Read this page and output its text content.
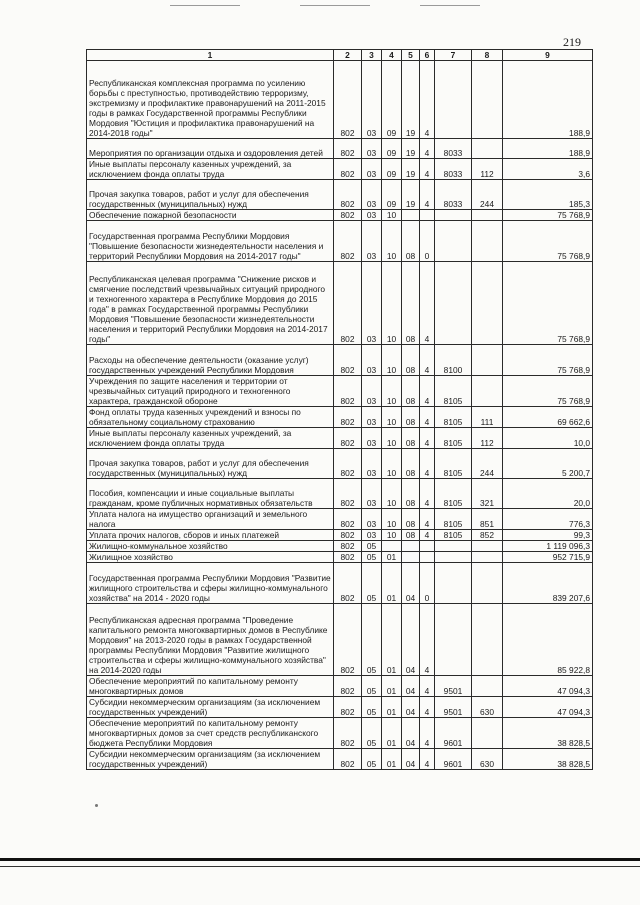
219
1	2	3	4	5	6	7	8	9
Республиканская комплексная программа по усилению борьбы с преступностью, противодействию терроризму, экстремизму и профилактике правонарушений на 2011-2015 годы в рамках Государственной программы Республики Мордовия "Юстиция и профилактика правонарушений на 2014-2018 годы"	802	03	09	19	4			188,9
Мероприятия по организации отдыха и оздоровления детей	802	03	09	19	4	8033		188,9
Иные выплаты персоналу казенных учреждений, за исключением фонда оплаты труда	802	03	09	19	4	8033	112	3,6
Прочая закупка товаров, работ и услуг для обеспечения государственных (муниципальных) нужд	802	03	09	19	4	8033	244	185,3
Обеспечение пожарной безопасности	802	03	10					75 768,9
Государственная программа Республики Мордовия "Повышение безопасности жизнедеятельности населения и территорий Республики Мордовия на 2014-2017 годы"	802	03	10	08	0			75 768,9
Республиканская целевая программа "Снижение рисков и смягчение последствий чрезвычайных ситуаций природного и техногенного характера в Республике Мордовия до 2015 года" в рамках Государственной программы Республики Мордовия "Повышение безопасности жизнедеятельности населения и территорий Республики Мордовия на 2014-2017 годы"	802	03	10	08	4			75 768,9
Расходы на обеспечение деятельности (оказание услуг) государственных учреждений Республики Мордовия	802	03	10	08	4	8100		75 768,9
Учреждения по защите населения и территории от чрезвычайных ситуаций природного и техногенного характера, гражданской обороне	802	03	10	08	4	8105		75 768,9
Фонд оплаты труда казенных учреждений и взносы по обязательному социальному страхованию	802	03	10	08	4	8105	111	69 662,6
Иные выплаты персоналу казенных учреждений, за исключением фонда оплаты труда	802	03	10	08	4	8105	112	10,0
Прочая закупка товаров, работ и услуг для обеспечения государственных (муниципальных) нужд	802	03	10	08	4	8105	244	5 200,7
Пособия, компенсации и иные социальные выплаты гражданам, кроме публичных нормативных обязательств	802	03	10	08	4	8105	321	20,0
Уплата налога на имущество организаций и земельного налога	802	03	10	08	4	8105	851	776,3
Уплата прочих налогов, сборов и иных платежей	802	03	10	08	4	8105	852	99,3
Жилищно-коммунальное хозяйство	802	05						1 119 096,3
Жилищное хозяйство	802	05	01					952 715,9
Государственная программа Республики Мордовия "Развитие жилищного строительства и сферы жилищно-коммунального хозяйства" на 2014 - 2020 годы	802	05	01	04	0			839 207,6
Республиканская адресная программа "Проведение капитального ремонта многоквартирных домов в Республике Мордовия" на 2013-2020 годы в рамках Государственной программы Республики Мордовия "Развитие жилищного строительства и сферы жилищно-коммунального хозяйства" на 2014-2020 годы	802	05	01	04	4			85 922,8
Обеспечение мероприятий по капитальному ремонту многоквартирных домов	802	05	01	04	4	9501		47 094,3
Субсидии некоммерческим организациям (за исключением государственных учреждений)	802	05	01	04	4	9501	630	47 094,3
Обеспечение мероприятий по капитальному ремонту многоквартирных домов за счет средств республиканского бюджета Республики Мордовия	802	05	01	04	4	9601		38 828,5
Субсидии некоммерческим организациям (за исключением государственных учреждений)	802	05	01	04	4	9601	630	38 828,5
